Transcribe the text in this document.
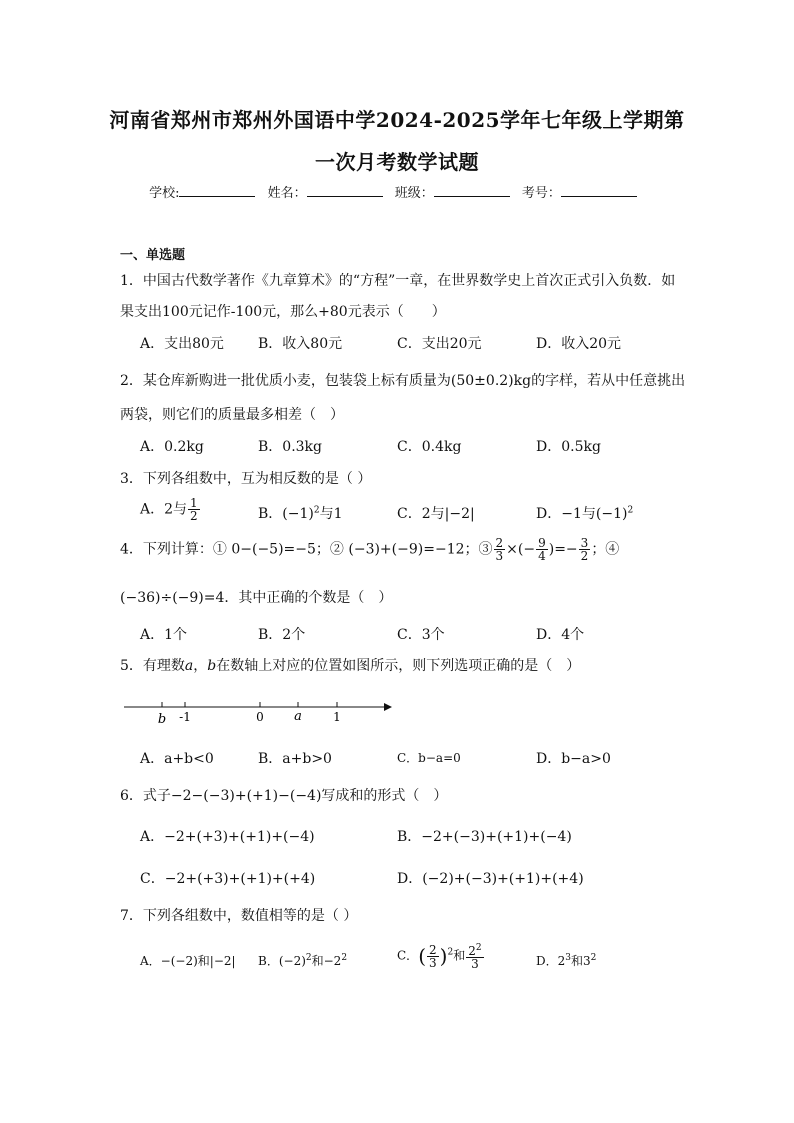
河南省郑州市郑州外国语中学2024-2025学年七年级上学期第
一次月考数学试题
学校:	姓名：	班级：	考号：
一、单选题
1．中国古代数学著作《九章算术》的“方程”一章，在世界数学史上首次正式引入负数．如
果支出100元记作-100元，那么+80元表示（　　）
A．支出80元 B．收入80元	C．支出20元	D．收入20元
2．某仓库新购进一批优质小麦，包装袋上标有质量为(50±0.2)kg的字样，若从中任意挑出
两袋，则它们的质量最多相差（　）
A．0.2kg	B．0.3kg	C．0.4kg	D．0.5kg
3．下列各组数中，互为相反数的是（ ）
A．2与 $\frac{1}{2}$	B．$(-1)^2$与1	C．2与|−2|	D．−1与$(-1)^2$
4．下列计算：① 0−(−5)=−5；② (−3)+(−9)=−12；③ $\frac{2}{3}$ ×(− $\frac{9}{4}$ )=− $\frac{3}{2}$ ；④
(−36)÷(−9)=4．其中正确的个数是（　）
A．1个	B．2个	C．3个	D．4个
5．有理数a，b在数轴上对应的位置如图所示，则下列选项正确的是（　）
b -1	0 a	1
A．a+b<0	B．a+b>0	C．b−a=0	D．b−a>0
6．式子−2−(−3)+(+1)−(−4)写成和的形式（　）
A．−2+(+3)+(+1)+(−4)	B．−2+(−3)+(+1)+(−4)
C．−2+(+3)+(+1)+(+4)	D．(−2)+(−3)+(+1)+(+4)
7．下列各组数中，数值相等的是（ ）
A．−(−2)和|−2| B．$(-2)^2$和$-2^2$	C．( $\frac{2}{3} )^2$和 $\frac{2^2}{3}$	D．$2^3$和$3^2$
